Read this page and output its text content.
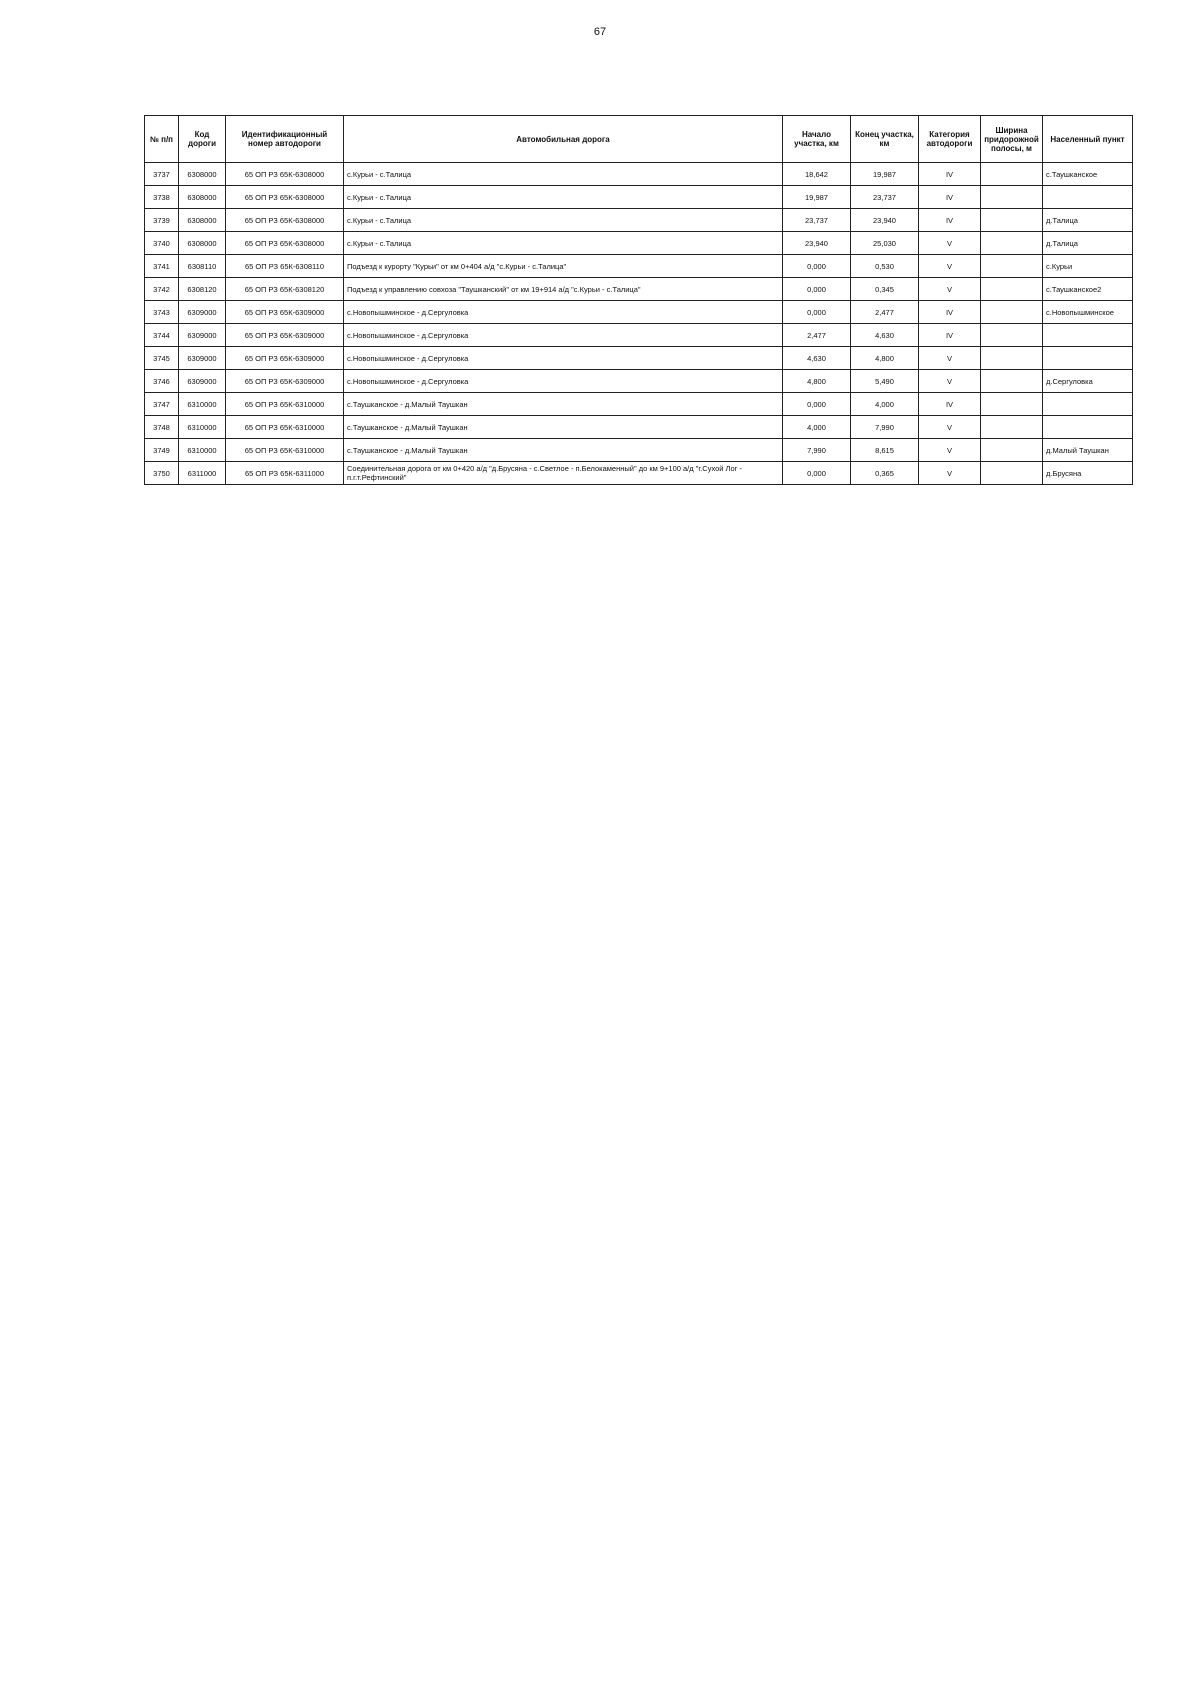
67
№ п/п	Код дороги	Идентификационный номер автодороги	Автомобильная дорога	Начало участка, км	Конец участка, км	Категория автодороги	Ширина придорожной полосы, м	Населенный пункт
3737	6308000	65 ОП РЗ 65К-6308000	с.Курьи - с.Талица	18,642	19,987	IV		с.Таушканское
3738	6308000	65 ОП РЗ 65К-6308000	с.Курьи - с.Талица	19,987	23,737	IV		
3739	6308000	65 ОП РЗ 65К-6308000	с.Курьи - с.Талица	23,737	23,940	IV		д.Талица
3740	6308000	65 ОП РЗ 65К-6308000	с.Курьи - с.Талица	23,940	25,030	V		д.Талица
3741	6308110	65 ОП РЗ 65К-6308110	Подъезд к курорту "Курьи" от км 0+404 а/д "с.Курьи - с.Талица"	0,000	0,530	V		с.Курьи
3742	6308120	65 ОП РЗ 65К-6308120	Подъезд к управлению совхоза "Таушканский" от км 19+914 а/д "с.Курьи - с.Талица"	0,000	0,345	V		с.Таушканское2
3743	6309000	65 ОП РЗ 65К-6309000	с.Новопышминское - д.Сергуловка	0,000	2,477	IV		с.Новопышминское
3744	6309000	65 ОП РЗ 65К-6309000	с.Новопышминское - д.Сергуловка	2,477	4,630	IV		
3745	6309000	65 ОП РЗ 65К-6309000	с.Новопышминское - д.Сергуловка	4,630	4,800	V		
3746	6309000	65 ОП РЗ 65К-6309000	с.Новопышминское - д.Сергуловка	4,800	5,490	V		д.Сергуловка
3747	6310000	65 ОП РЗ 65К-6310000	с.Таушканское - д.Малый Таушкан	0,000	4,000	IV		
3748	6310000	65 ОП РЗ 65К-6310000	с.Таушканское - д.Малый Таушкан	4,000	7,990	V		
3749	6310000	65 ОП РЗ 65К-6310000	с.Таушканское - д.Малый Таушкан	7,990	8,615	V		д.Малый Таушкан
3750	6311000	65 ОП РЗ 65К-6311000	Соединительная дорога от км 0+420 а/д "д.Брусяна - с.Светлое - п.Белокаменный" до км 9+100 а/д "г.Сухой Лог - п.г.т.Рефтинский"	0,000	0,365	V		д.Брусяна
